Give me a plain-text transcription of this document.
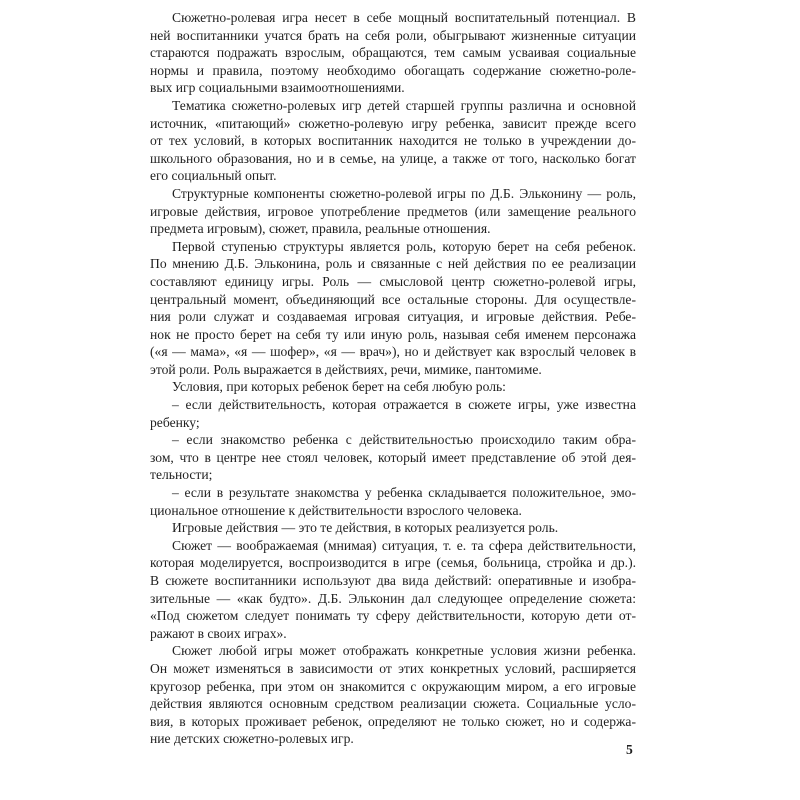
Сюжетно-ролевая игра несет в себе мощный воспитательный потенциал. В
ней воспитанники учатся брать на себя роли, обыгрывают жизненные ситуации
стараются подражать взрослым, обращаются, тем самым усваивая социальные
нормы и правила, поэтому необходимо обогащать содержание сюжетно-роле-
вых игр социальными взаимоотношениями.
Тематика сюжетно-ролевых игр детей старшей группы различна и основной
источник, «питающий» сюжетно-ролевую игру ребенка, зависит прежде всего
от тех условий, в которых воспитанник находится не только в учреждении до-
школьного образования, но и в семье, на улице, а также от того, насколько богат
его социальный опыт.
Структурные компоненты сюжетно-ролевой игры по Д.Б. Эльконину — роль,
игровые действия, игровое употребление предметов (или замещение реального
предмета игровым), сюжет, правила, реальные отношения.
Первой ступенью структуры является роль, которую берет на себя ребенок.
По мнению Д.Б. Эльконина, роль и связанные с ней действия по ее реализации
составляют единицу игры. Роль — смысловой центр сюжетно-ролевой игры,
центральный момент, объединяющий все остальные стороны. Для осуществле-
ния роли служат и создаваемая игровая ситуация, и игровые действия. Ребе-
нок не просто берет на себя ту или иную роль, называя себя именем персонажа
(«я — мама», «я — шофер», «я — врач»), но и действует как взрослый человек в
этой роли. Роль выражается в действиях, речи, мимике, пантомиме.
Условия, при которых ребенок берет на себя любую роль:
– если действительность, которая отражается в сюжете игры, уже известна
ребенку;
– если знакомство ребенка с действительностью происходило таким обра-
зом, что в центре нее стоял человек, который имеет представление об этой дея-
тельности;
– если в результате знакомства у ребенка складывается положительное, эмо-
циональное отношение к действительности взрослого человека.
Игровые действия — это те действия, в которых реализуется роль.
Сюжет — воображаемая (мнимая) ситуация, т. е. та сфера действительности,
которая моделируется, воспроизводится в игре (семья, больница, стройка и др.).
В сюжете воспитанники используют два вида действий: оперативные и изобра-
зительные — «как будто». Д.Б. Эльконин дал следующее определение сюжета:
«Под сюжетом следует понимать ту сферу действительности, которую дети от-
ражают в своих играх».
Сюжет любой игры может отображать конкретные условия жизни ребенка.
Он может изменяться в зависимости от этих конкретных условий, расширяется
кругозор ребенка, при этом он знакомится с окружающим миром, а его игровые
действия являются основным средством реализации сюжета. Социальные усло-
вия, в которых проживает ребенок, определяют не только сюжет, но и содержа-
ние детских сюжетно-ролевых игр.
5
